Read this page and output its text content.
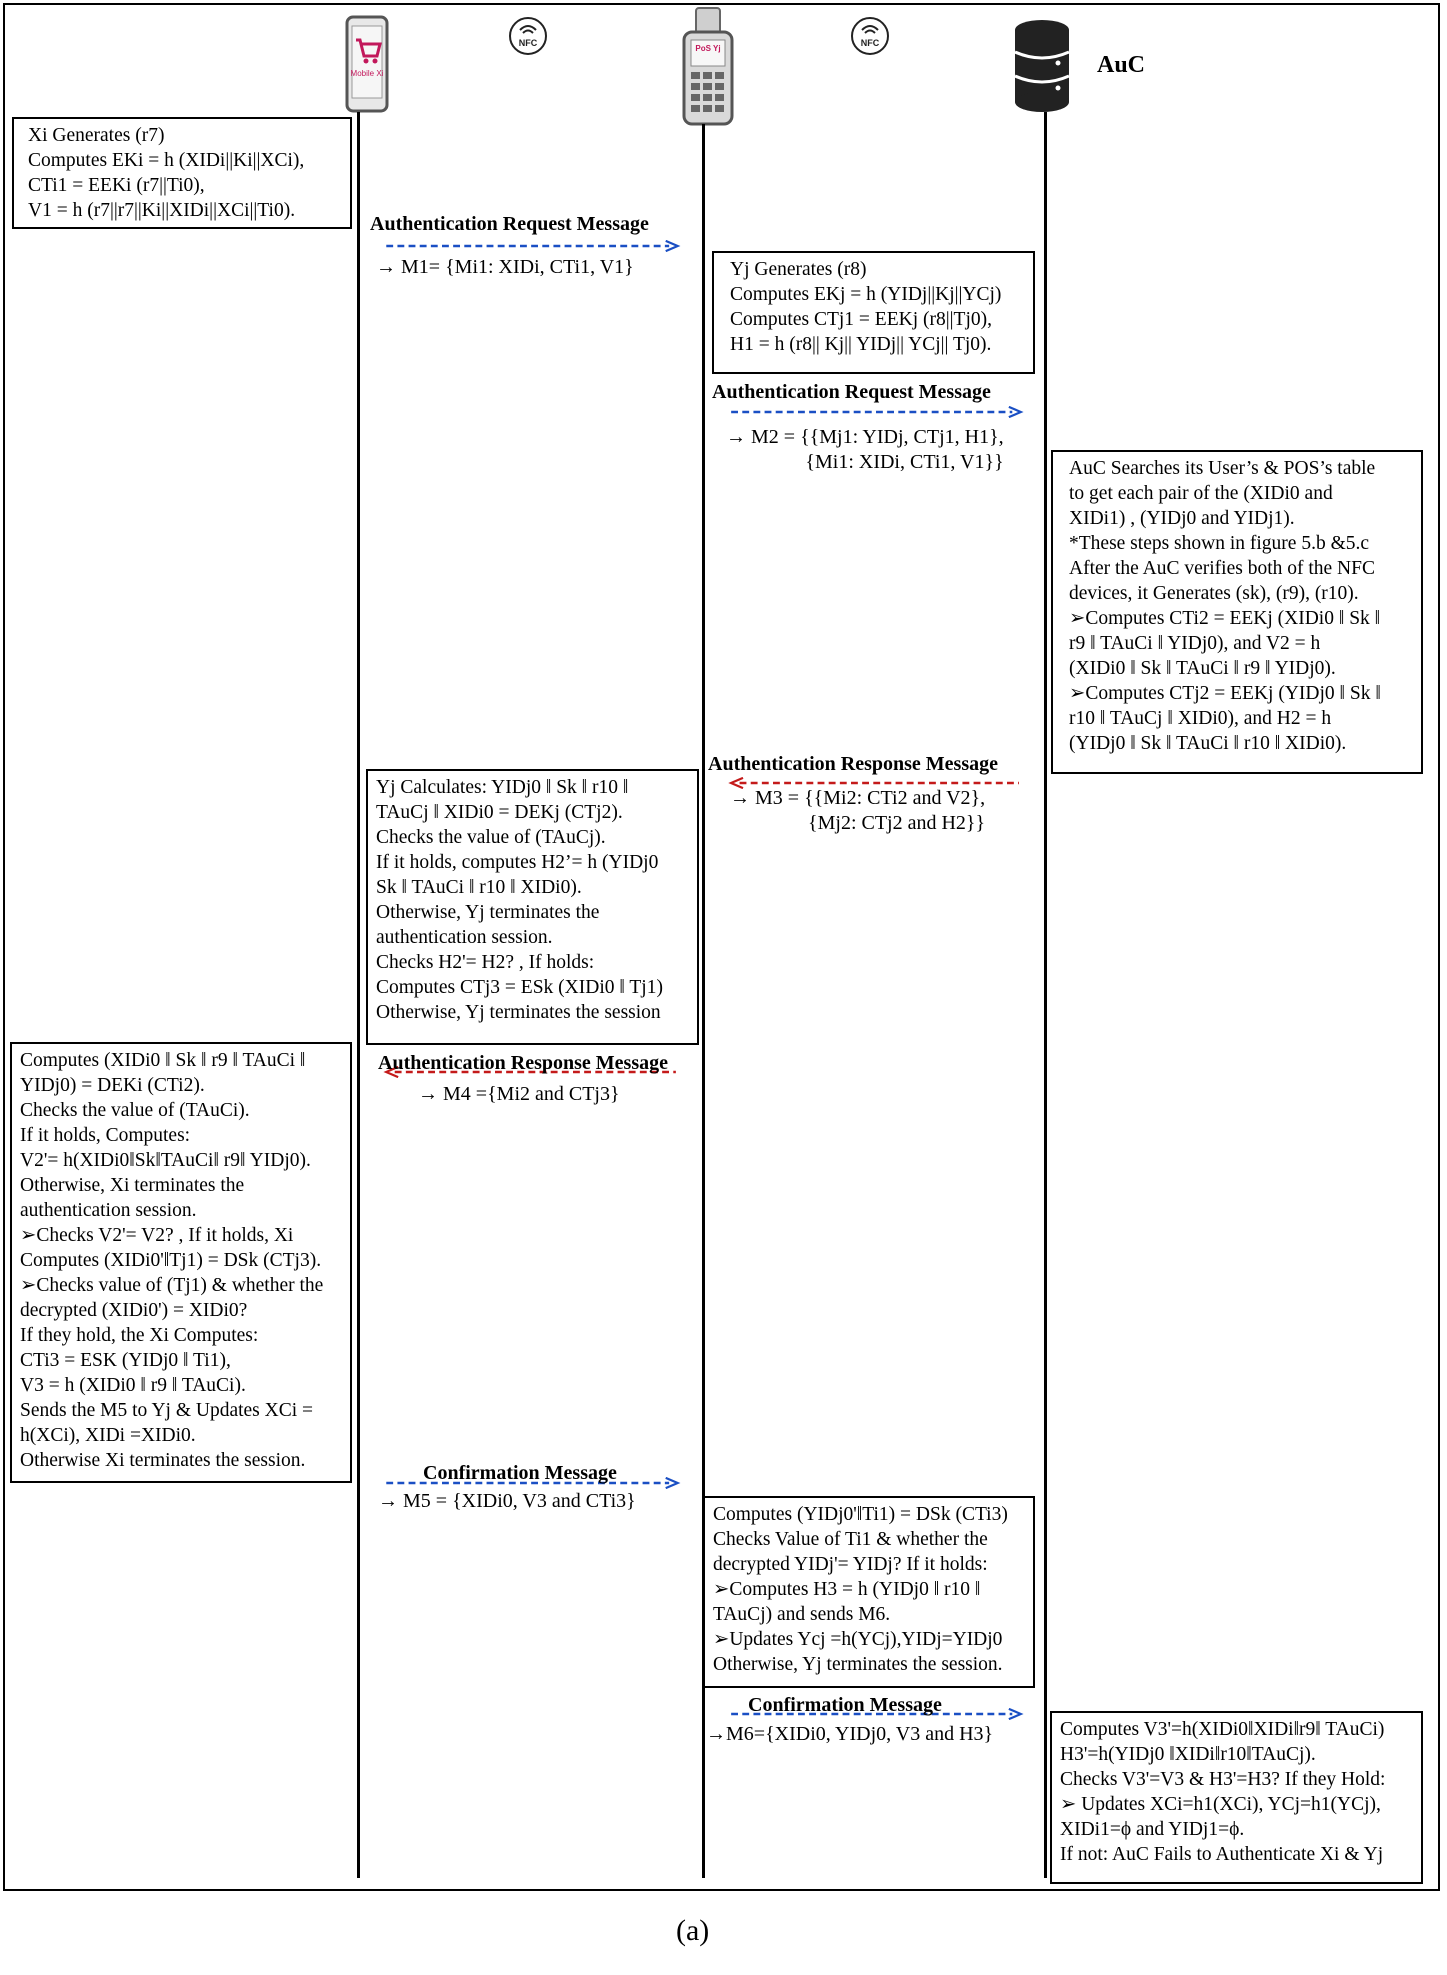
Mobile Xi
NFC
PoS Yj
NFC
AuC
Xi Generates (r7)
Computes EKi = h (XIDi||Ki||XCi),
CTi1 = EEKi (r7||Ti0),
V1 = h (r7||r7||Ki||XIDi||XCi||Ti0).
Yj Generates (r8)
Computes EKj = h (YIDj||Kj||YCj)
Computes CTj1 = EEKj (r8||Tj0),
H1 = h (r8|| Kj|| YIDj|| YCj|| Tj0).
AuC Searches its User’s & POS’s table
to get each pair of the (XIDi0 and
XIDi1) , (YIDj0 and YIDj1).
*These steps shown in figure 5.b &5.c
After the AuC verifies both of the NFC
devices, it Generates (sk), (r9), (r10).
➢Computes CTi2 = EEKj (XIDi0 ǁ Sk ǁ
r9 ǁ TAuCi ǁ YIDj0), and V2 = h
(XIDi0 ǁ Sk ǁ TAuCi ǁ r9 ǁ YIDj0).
➢Computes CTj2 = EEKj (YIDj0 ǁ Sk ǁ
r10 ǁ TAuCj ǁ XIDi0), and H2 = h
(YIDj0 ǁ Sk ǁ TAuCi ǁ r10 ǁ XIDi0).
Yj Calculates: YIDj0 ǁ Sk ǁ r10 ǁ
TAuCj ǁ XIDi0 = DEKj (CTj2).
Checks the value of (TAuCj).
If it holds, computes H2’= h (YIDj0
Sk ǁ TAuCi ǁ r10 ǁ XIDi0).
Otherwise, Yj terminates the
authentication session.
Checks H2'= H2? , If holds:
Computes CTj3 = ESk (XIDi0 ǁ Tj1)
Otherwise, Yj terminates the session
Computes (XIDi0 ǁ Sk ǁ r9 ǁ TAuCi ǁ
YIDj0) = DEKi (CTi2).
Checks the value of (TAuCi).
If it holds, Computes:
V2'= h(XIDi0ǁSkǁTAuCiǁ r9ǁ YIDj0).
Otherwise, Xi terminates the
authentication session.
➢Checks V2'= V2? , If it holds, Xi
Computes (XIDi0'ǁTj1) = DSk (CTj3).
➢Checks value of (Tj1) & whether the
decrypted (XIDi0') = XIDi0?
If they hold, the Xi Computes:
CTi3 = ESK (YIDj0 ǁ Ti1),
V3 = h (XIDi0 ǁ r9 ǁ TAuCi).
Sends the M5 to Yj & Updates XCi =
h(XCi), XIDi =XIDi0.
Otherwise Xi terminates the session.
Computes (YIDj0'ǁTi1) = DSk (CTi3)
Checks Value of Ti1 & whether the
decrypted YIDj'= YIDj? If it holds:
➢Computes H3 = h (YIDj0 ǁ r10 ǁ
TAuCj) and sends M6.
➢Updates Ycj =h(YCj),YIDj=YIDj0
Otherwise, Yj terminates the session.
Computes V3'=h(XIDi0ǁXIDiǁr9ǁ TAuCi)
H3'=h(YIDj0 ǁXIDiǁr10ǁTAuCj).
Checks V3'=V3 & H3'=H3? If they Hold:
➢ Updates XCi=h1(XCi), YCj=h1(YCj),
XIDi1=ϕ and YIDj1=ϕ.
If not: AuC Fails to Authenticate Xi & Yj
Authentication Request Message
→ M1= {Mi1: XIDi, CTi1, V1}
Authentication Request Message
→ M2 = {{Mj1: YIDj, CTj1, H1},
{Mi1: XIDi, CTi1, V1}}
Authentication Response Message
→ M3 = {{Mi2: CTi2 and V2},
{Mj2: CTj2 and H2}}
Authentication Response Message
→ M4 ={Mi2 and CTj3}
Confirmation Message
→ M5 = {XIDi0, V3 and CTi3}
Confirmation Message
→M6={XIDi0, YIDj0, V3 and H3}
(a)
